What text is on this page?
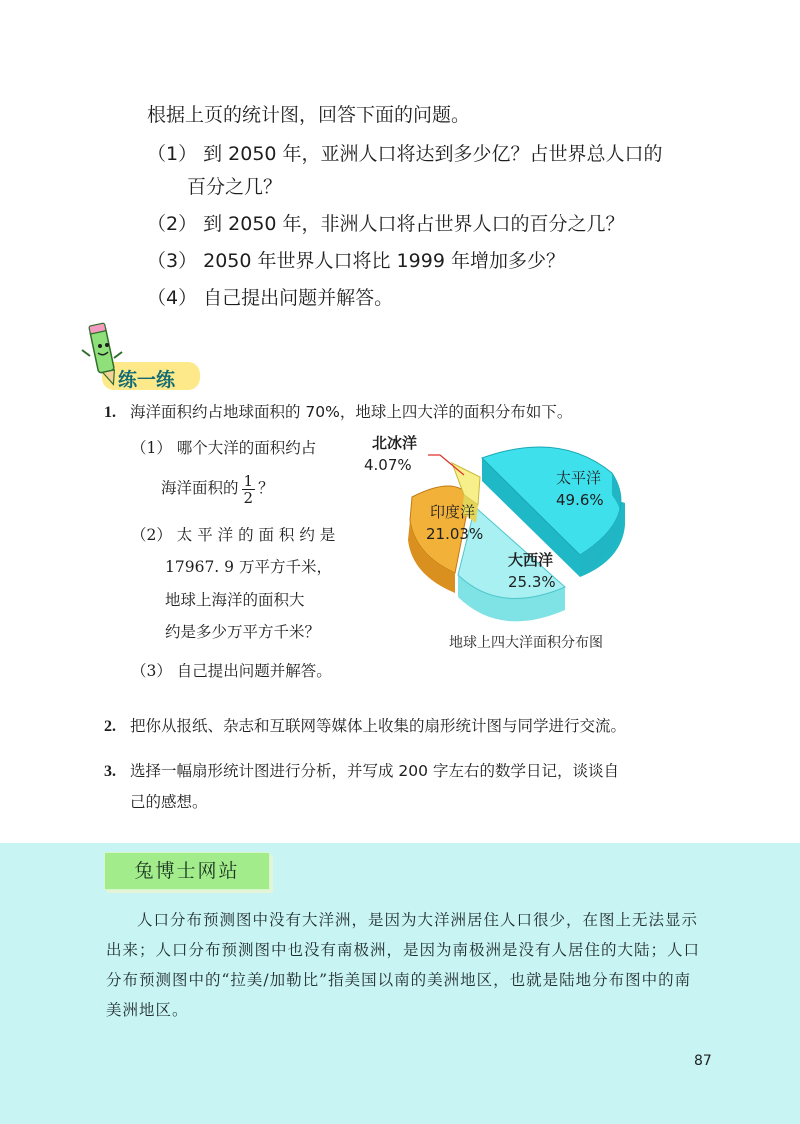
根据上页的统计图，回答下面的问题。
（1） 到 2050 年，亚洲人口将达到多少亿？占世界总人口的
百分之几？
（2） 到 2050 年，非洲人口将占世界人口的百分之几？
（3） 2050 年世界人口将比 1999 年增加多少？
（4） 自己提出问题并解答。
练一练
1. 海洋面积约占地球面积的 70%，地球上四大洋的面积分布如下。
（1） 哪个大洋的面积约占
海洋面积的 $\frac{1}{2}$ ？
（2） 太 平 洋 的 面 积 约 是
17967. 9 万平方千米，
地球上海洋的面积大
约是多少万平方千米？
（3） 自己提出问题并解答。
北冰洋
4.07%
太平洋
49.6%
印度洋
21.03%
大西洋
25.3%
地球上四大洋面积分布图
2. 把你从报纸、杂志和互联网等媒体上收集的扇形统计图与同学进行交流。
3. 选择一幅扇形统计图进行分析，并写成 200 字左右的数学日记，谈谈自
己的感想。
兔博士网站
人口分布预测图中没有大洋洲，是因为大洋洲居住人口很少，在图上无法显示出来；人口分布预测图中也没有南极洲，是因为南极洲是没有人居住的大陆；人口分布预测图中的“拉美/加勒比”指美国以南的美洲地区，也就是陆地分布图中的南美洲地区。
87
